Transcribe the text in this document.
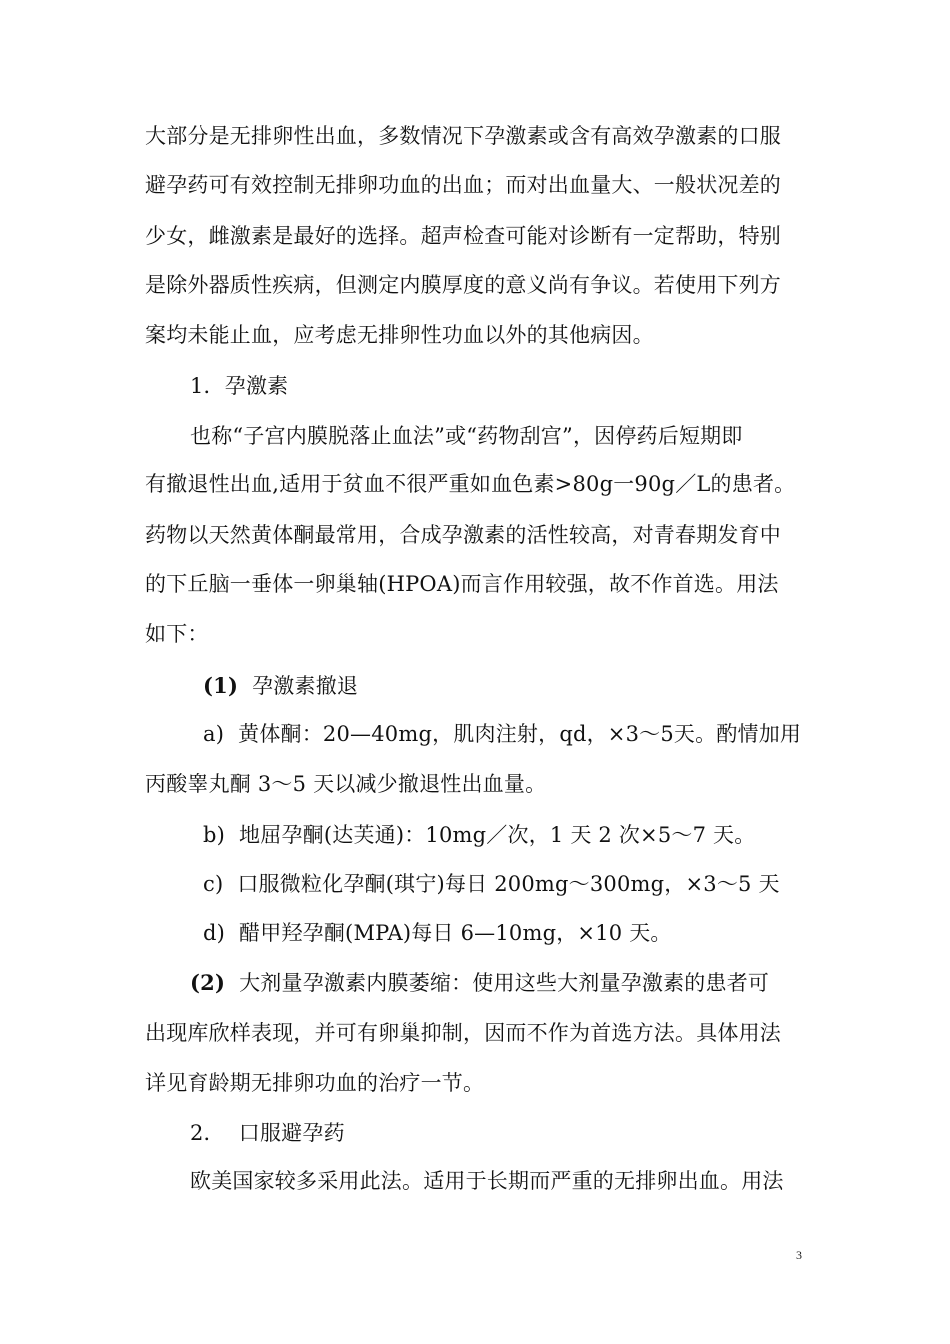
大部分是无排卵性出血，多数情况下孕激素或含有高效孕激素的口服
避孕药可有效控制无排卵功血的出血；而对出血量大、一般状况差的
少女，雌激素是最好的选择。超声检查可能对诊断有一定帮助，特别
是除外器质性疾病，但测定内膜厚度的意义尚有争议。若使用下列方
案均未能止血，应考虑无排卵性功血以外的其他病因。
1．孕激素
也称“子宫内膜脱落止血法”或“药物刮宫”，因停药后短期即
有撤退性出血,适用于贫血不很严重如血色素>80g一90g／L的患者。
药物以天然黄体酮最常用，合成孕激素的活性较高，对青春期发育中
的下丘脑一垂体一卵巢轴(HPOA)而言作用较强，故不作首选。用法
如下：
(1) 孕激素撤退
a) 黄体酮：20—40mg，肌肉注射，qd，×3～5天。酌情加用
丙酸睾丸酮 3～5 天以减少撤退性出血量。
b) 地屈孕酮(达芙通)：10mg／次，1 天 2 次×5～7 天。
c) 口服微粒化孕酮(琪宁)每日 200mg～300mg，×3～5 天
d) 醋甲羟孕酮(MPA)每日 6—10mg，×10 天。
(2) 大剂量孕激素内膜萎缩：使用这些大剂量孕激素的患者可
出现库欣样表现，并可有卵巢抑制，因而不作为首选方法。具体用法
详见育龄期无排卵功血的治疗一节。
2． 口服避孕药
欧美国家较多采用此法。适用于长期而严重的无排卵出血。用法
3
